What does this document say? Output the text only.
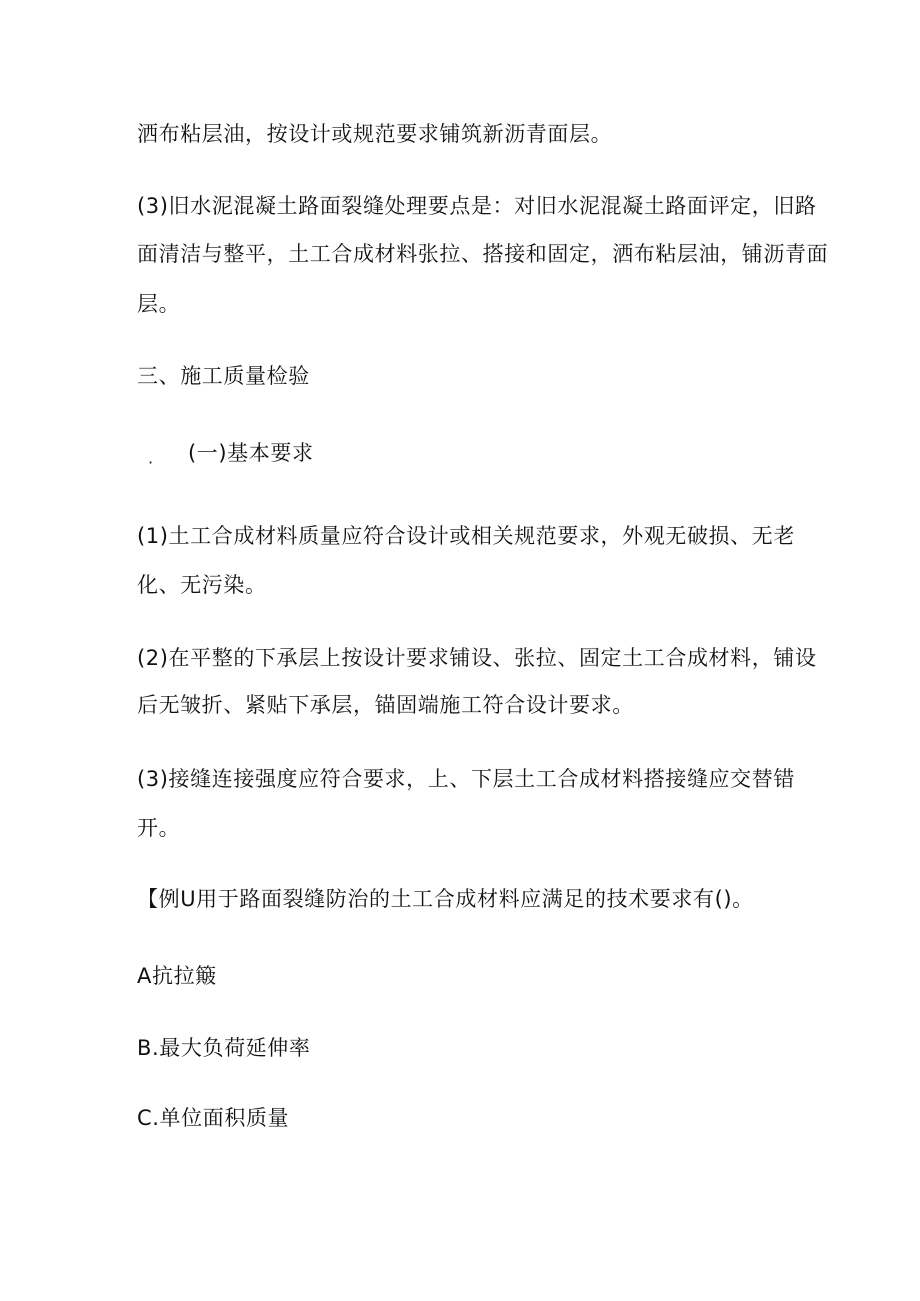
洒布粘层油，按设计或规范要求铺筑新沥青面层。
(3)旧水泥混凝土路面裂缝处理要点是：对旧水泥混凝土路面评定，旧路
面清洁与整平，土工合成材料张拉、搭接和固定，洒布粘层油，铺沥青面
层。
三、施工质量检验
· (一)基本要求
(1)土工合成材料质量应符合设计或相关规范要求，外观无破损、无老
化、无污染。
(2)在平整的下承层上按设计要求铺设、张拉、固定土工合成材料，铺设
后无皱折、紧贴下承层，锚固端施工符合设计要求。
(3)接缝连接强度应符合要求，上、下层土工合成材料搭接缝应交替错
开。
【例U用于路面裂缝防治的土工合成材料应满足的技术要求有()。
A抗拉簸
B.最大负荷延伸率
C.单位面积质量
